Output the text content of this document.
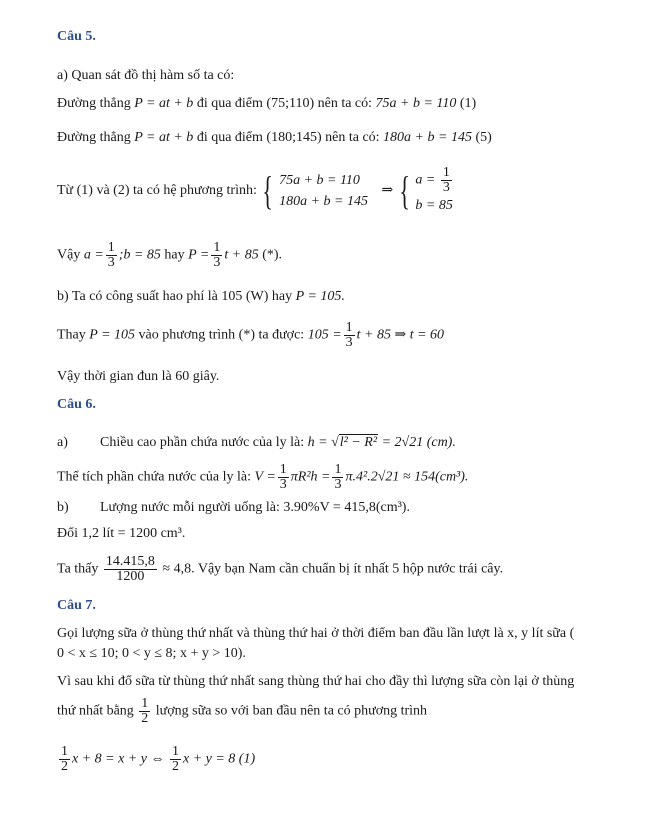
Câu 5.
a) Quan sát đồ thị hàm số ta có:
Đường thẳng P = at + b đi qua điểm (75;110) nên ta có: 75a + b = 110 (1)
Đường thẳng P = at + b đi qua điểm (180;145) nên ta có: 180a + b = 145 (5)
Từ (1) và (2) ta có hệ phương trình: { 75a + b = 110
180a + b = 145
⇒ { $a = \frac{1}{3}$
b = 85
Vậy $a = \frac{1}{3}$ ;b = 85 hay $P = \frac{1}{3}$ t + 85 (*).
b) Ta có công suất hao phí là 105 (W) hay P = 105.
Thay P = 105 vào phương trình (*) ta được: $105 = \frac{1}{3}$ t + 85 ⇒ t = 60
Vậy thời gian đun là 60 giây.
Câu 6.
a) Chiều cao phần chứa nước của ly là: h = √l² − R² = 2√21 (cm).
Thể tích phần chứa nước của ly là: $V = \frac{1}{3} \pi R^2h = \frac{1}{3} \pi.4^2.2√21 \approx 154(cm^3)$.
b) Lượng nước mỗi người uống là: 3.90%V = 415,8(cm³).
Đổi 1,2 lít = 1200 cm³.
Ta thấy $\frac{14.415,8}{1200} \approx 4,8$. Vậy bạn Nam cần chuẩn bị ít nhất 5 hộp nước trái cây.
Câu 7.
Gọi lượng sữa ở thùng thứ nhất và thùng thứ hai ở thời điểm ban đầu lần lượt là x, y lít sữa (
0 < x ≤ 10; 0 < y ≤ 8; x + y > 10).
Vì sau khi đổ sữa từ thùng thứ nhất sang thùng thứ hai cho đầy thì lượng sữa còn lại ở thùng
thứ nhất bằng $\frac{1}{2}$ lượng sữa so với ban đầu nên ta có phương trình
$\frac{1}{2}$ x + 8 = x + y ⇔ $\frac{1}{2}$ x + y = 8 (1)
